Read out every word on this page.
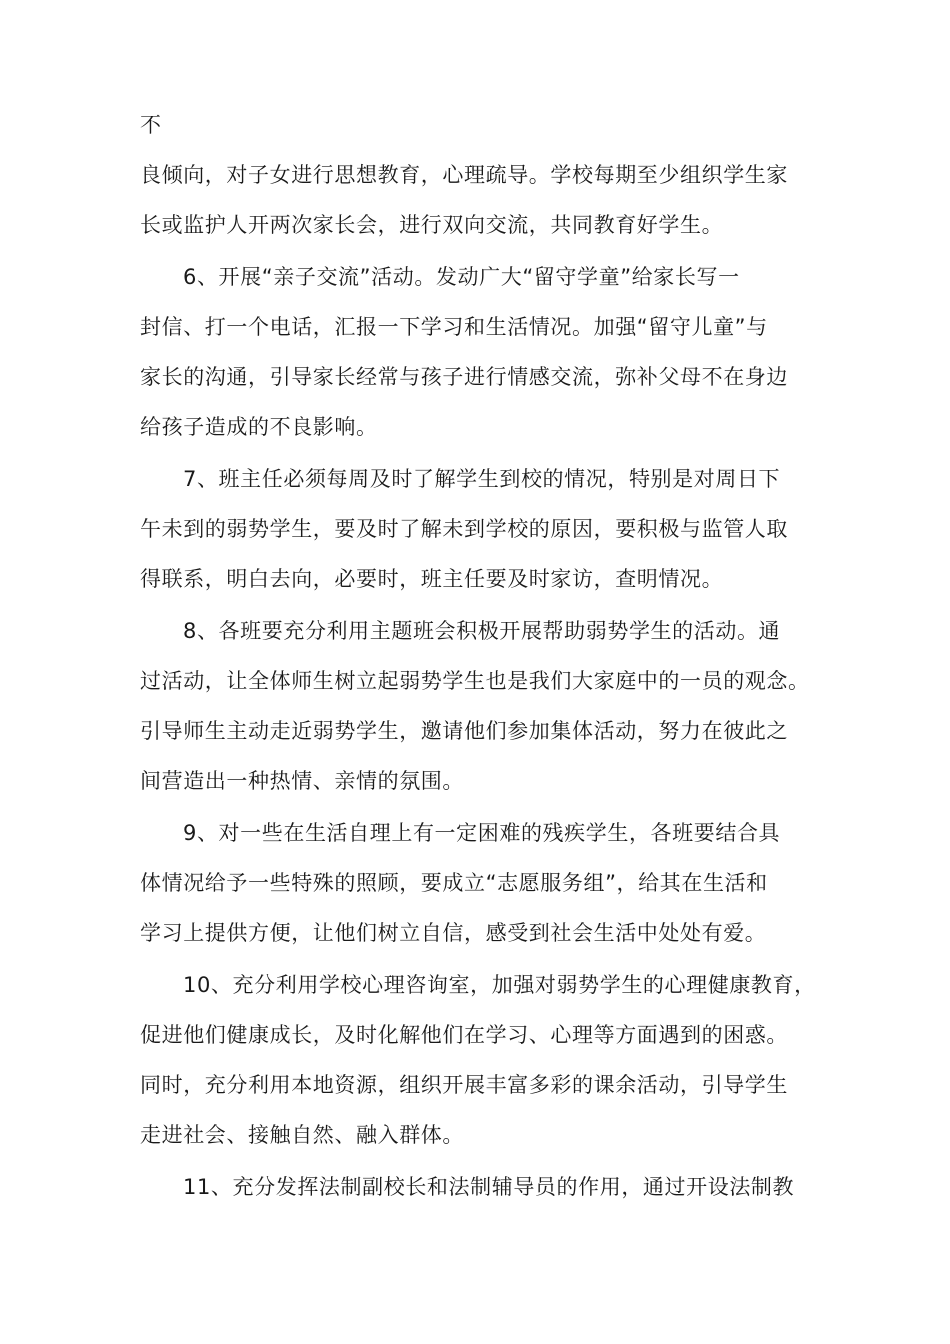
不
良倾向，对子女进行思想教育，心理疏导。学校每期至少组织学生家
长或监护人开两次家长会，进行双向交流，共同教育好学生。
6、开展“亲子交流”活动。发动广大“留守学童”给家长写一
封信、打一个电话，汇报一下学习和生活情况。加强“留守儿童”与
家长的沟通，引导家长经常与孩子进行情感交流，弥补父母不在身边
给孩子造成的不良影响。
7、班主任必须每周及时了解学生到校的情况，特别是对周日下
午未到的弱势学生，要及时了解未到学校的原因，要积极与监管人取
得联系，明白去向，必要时，班主任要及时家访，查明情况。
8、各班要充分利用主题班会积极开展帮助弱势学生的活动。通
过活动，让全体师生树立起弱势学生也是我们大家庭中的一员的观念。
引导师生主动走近弱势学生，邀请他们参加集体活动，努力在彼此之
间营造出一种热情、亲情的氛围。
9、对一些在生活自理上有一定困难的残疾学生，各班要结合具
体情况给予一些特殊的照顾，要成立“志愿服务组”，给其在生活和
学习上提供方便，让他们树立自信，感受到社会生活中处处有爱。
10、充分利用学校心理咨询室，加强对弱势学生的心理健康教育，
促进他们健康成长，及时化解他们在学习、心理等方面遇到的困惑。
同时，充分利用本地资源，组织开展丰富多彩的课余活动，引导学生
走进社会、接触自然、融入群体。
11、充分发挥法制副校长和法制辅导员的作用，通过开设法制教
